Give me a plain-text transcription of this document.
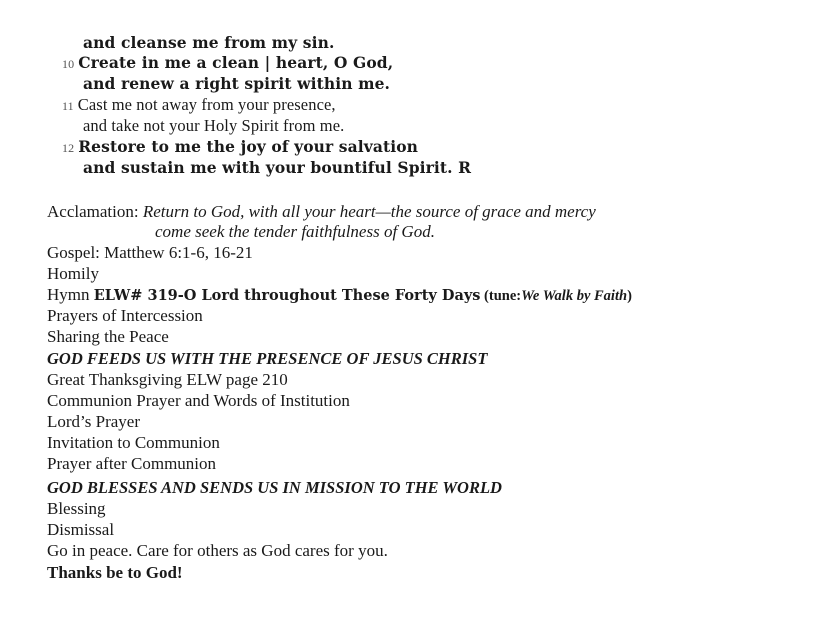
and cleanse me from my sin.
10 Create in me a clean | heart, O God,
and renew a right spirit within me.
11 Cast me not away from your presence,
and take not your Holy Spirit from me.
12 Restore to me the joy of your salvation
and sustain me with your bountiful Spirit. R
Acclamation: Return to God, with all your heart—the source of grace and mercy
come seek the tender faithfulness of God.
Gospel: Matthew 6:1-6, 16-21
Homily
Hymn ELW# 319-O Lord throughout These Forty Days (tune:We Walk by Faith)
Prayers of Intercession
Sharing the Peace
GOD FEEDS US WITH THE PRESENCE OF JESUS CHRIST
Great Thanksgiving ELW page 210
Communion Prayer and Words of Institution
Lord’s Prayer
Invitation to Communion
Prayer after Communion
GOD BLESSES AND SENDS US IN MISSION TO THE WORLD
Blessing
Dismissal
Go in peace. Care for others as God cares for you.
Thanks be to God!
